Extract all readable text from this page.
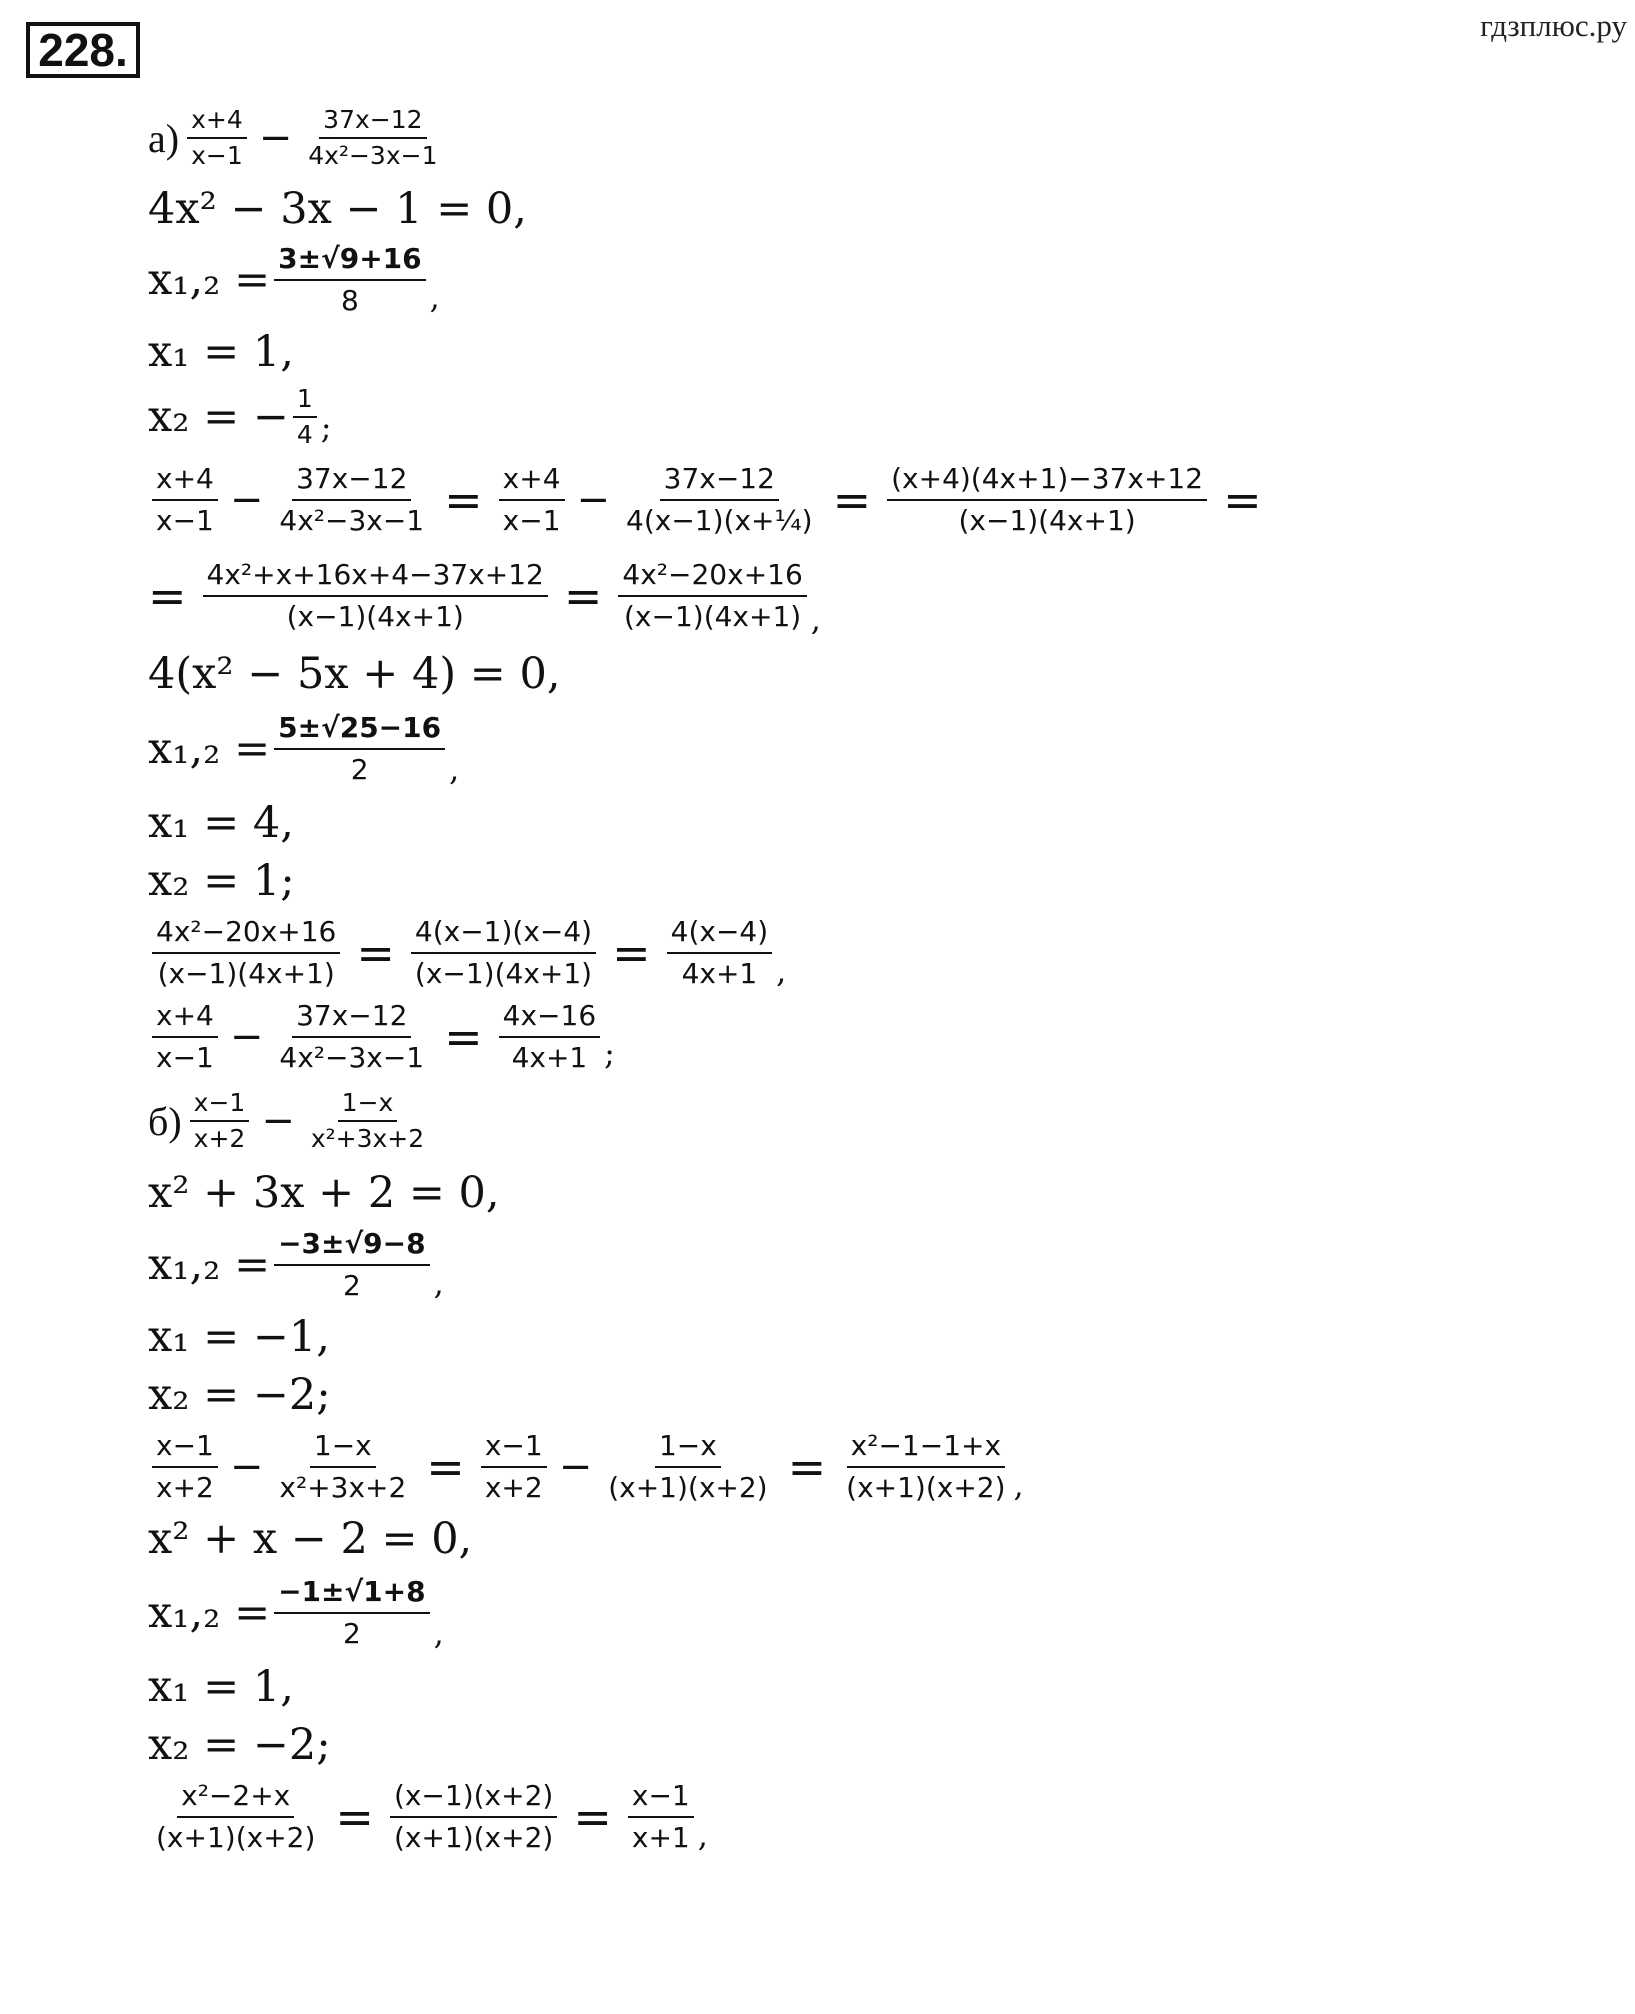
228.	гдзплюс.ру
$а) \frac{x+4}{x-1} - \frac{37x-12}{\text{4x²−3x−1}}$
4x² − 3x − 1 = 0,
$x_1,_2 = \frac{3\pm√9+16}{8}$ ,
x₁ = 1,
x₂ = − $\frac{1}{4}$ ;
$\frac{x+4}{x-1} - \frac{37x-12}{\text{4x²−3x−1}} = \frac{x+4}{x-1} - \frac{37x-12}{\text{4(x−1)(x+¼)}} = \frac{(x+4)(4x+1)-37x+12}{(x-1)(4x+1)}$ =
= $\frac{\text{4x²+x+16x+4−37x+12}}{(x-1)(4x+1)} = \frac{\text{4x²−20x+16}}{(x-1)(4x+1)}$ ,
4(x² − 5x + 4) = 0,
$x_1,_2 = \frac{5\pm√25-16}{2}$ ,
x₁ = 4,
x₂ = 1;
$\frac{\text{4x²−20x+16}}{(x-1)(4x+1)} = \frac{4(x-1)(x-4)}{(x-1)(4x+1)} = \frac{4(x-4)}{4x+1}$ ,
$\frac{x+4}{x-1} - \frac{37x-12}{\text{4x²−3x−1}} = \frac{4x-16}{4x+1}$ ;
$б) \frac{x-1}{x+2} - \frac{1-x}{\text{x²+3x+2}}$
x² + 3x + 2 = 0,
$x_1,_2 = \frac{-3\pm√9-8}{2}$ ,
x₁ = −1,
x₂ = −2;
$\frac{x-1}{x+2} - \frac{1-x}{\text{x²+3x+2}} = \frac{x-1}{x+2} - \frac{1-x}{(x+1)(x+2)} = \frac{\text{x²−1−1+x}}{(x+1)(x+2)}$ ,
x² + x − 2 = 0,
$x_1,_2 = \frac{-1\pm√1+8}{2}$ ,
x₁ = 1,
x₂ = −2;
$\frac{\text{x²−2+x}}{(x+1)(x+2)} = \frac{(x-1)(x+2)}{(x+1)(x+2)} = \frac{x-1}{x+1}$ ,
